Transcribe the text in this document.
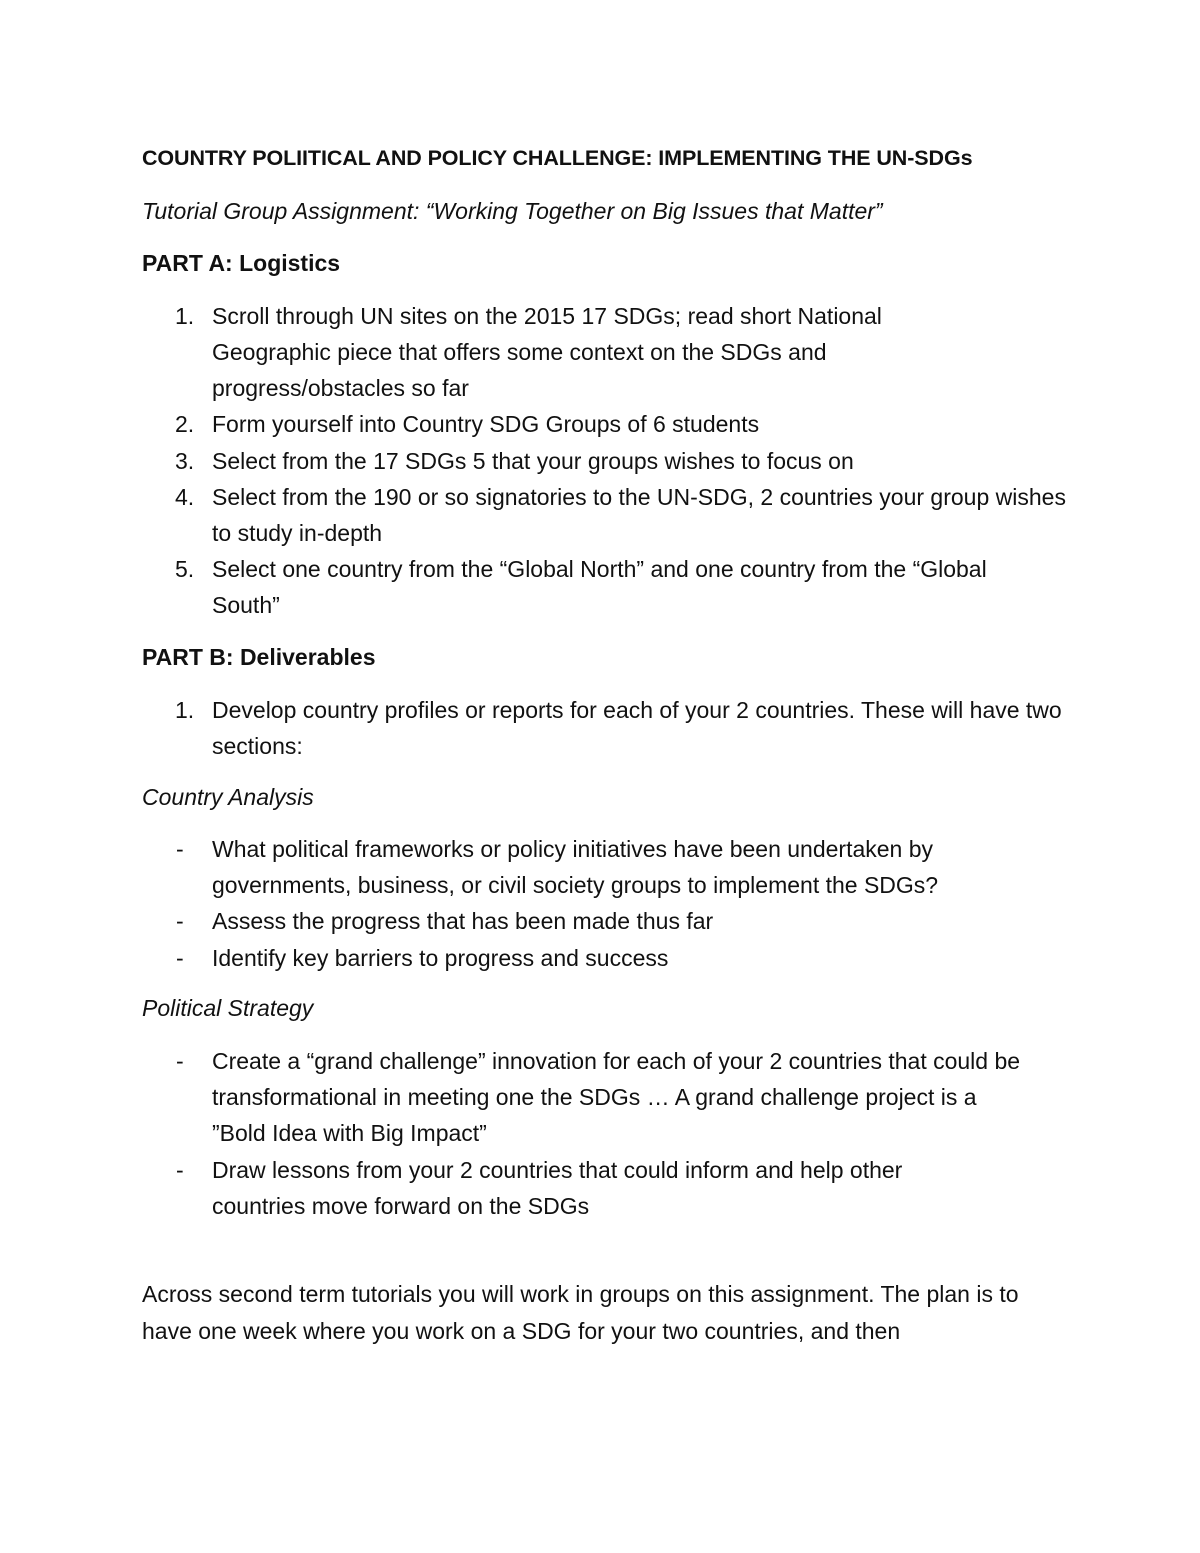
COUNTRY POLIITICAL AND POLICY CHALLENGE: IMPLEMENTING THE UN-SDGs
Tutorial Group Assignment: “Working Together on Big Issues that Matter”
PART A: Logistics
1. Scroll through UN sites on the 2015 17 SDGs; read short National Geographic piece that offers some context on the SDGs and progress/obstacles so far
2. Form yourself into Country SDG Groups of 6 students
3. Select from the 17 SDGs 5 that your groups wishes to focus on
4. Select from the 190 or so signatories to the UN-SDG, 2 countries your group wishes to study in-depth
5. Select one country from the “Global North” and one country from the “Global South”
PART B: Deliverables
1. Develop country profiles or reports for each of your 2 countries. These will have two sections:
Country Analysis
- What political frameworks or policy initiatives have been undertaken by governments, business, or civil society groups to implement the SDGs?
- Assess the progress that has been made thus far
- Identify key barriers to progress and success
Political Strategy
- Create a “grand challenge” innovation for each of your 2 countries that could be transformational in meeting one the SDGs … A grand challenge project is a ”Bold Idea with Big Impact”
- Draw lessons from your 2 countries that could inform and help other countries move forward on the SDGs
Across second term tutorials you will work in groups on this assignment. The plan is to have one week where you work on a SDG for your two countries, and then
